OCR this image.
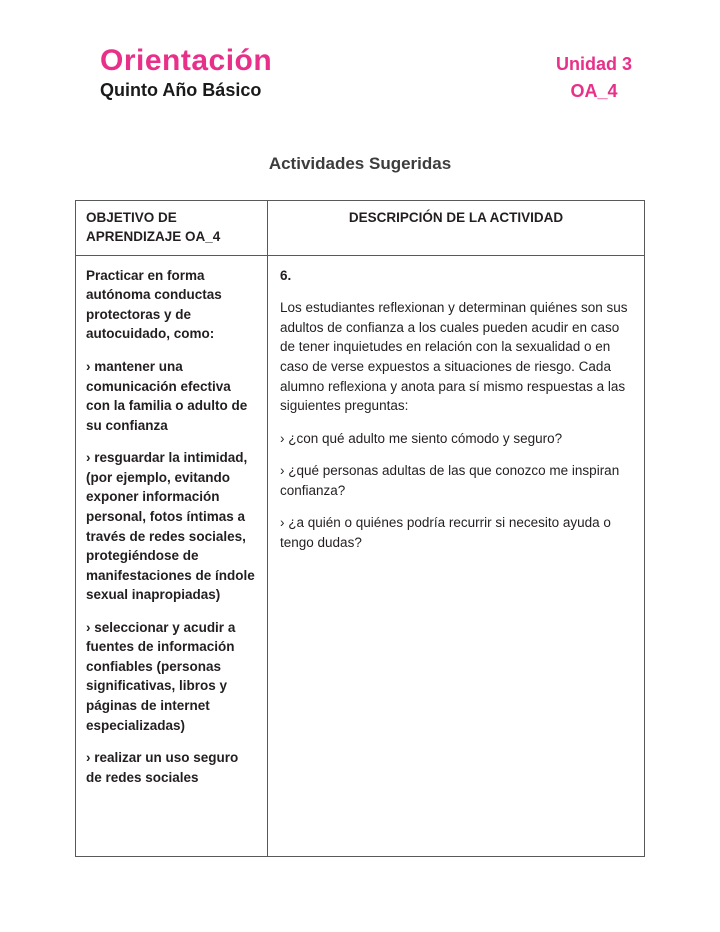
Orientación
Quinto Año Básico
Unidad 3
OA_4
Actividades Sugeridas
OBJETIVO DE APRENDIZAJE OA_4
DESCRIPCIÓN DE LA ACTIVIDAD

Practicar en forma autónoma conductas protectoras y de autocuidado, como:

› mantener una comunicación efectiva con la familia o adulto de su confianza

› resguardar la intimidad, (por ejemplo, evitando exponer información personal, fotos íntimas a través de redes sociales, protegiéndose de manifestaciones de índole sexual inapropiadas)

› seleccionar y acudir a fuentes de información confiables (personas significativas, libros y páginas de internet especializadas)

› realizar un uso seguro de redes sociales

6.

Los estudiantes reflexionan y determinan quiénes son sus adultos de confianza a los cuales pueden acudir en caso de tener inquietudes en relación con la sexualidad o en caso de verse expuestos a situaciones de riesgo. Cada alumno reflexiona y anota para sí mismo respuestas a las siguientes preguntas:

› ¿con qué adulto me siento cómodo y seguro?

› ¿qué personas adultas de las que conozco me inspiran confianza?

› ¿a quién o quiénes podría recurrir si necesito ayuda o tengo dudas?
